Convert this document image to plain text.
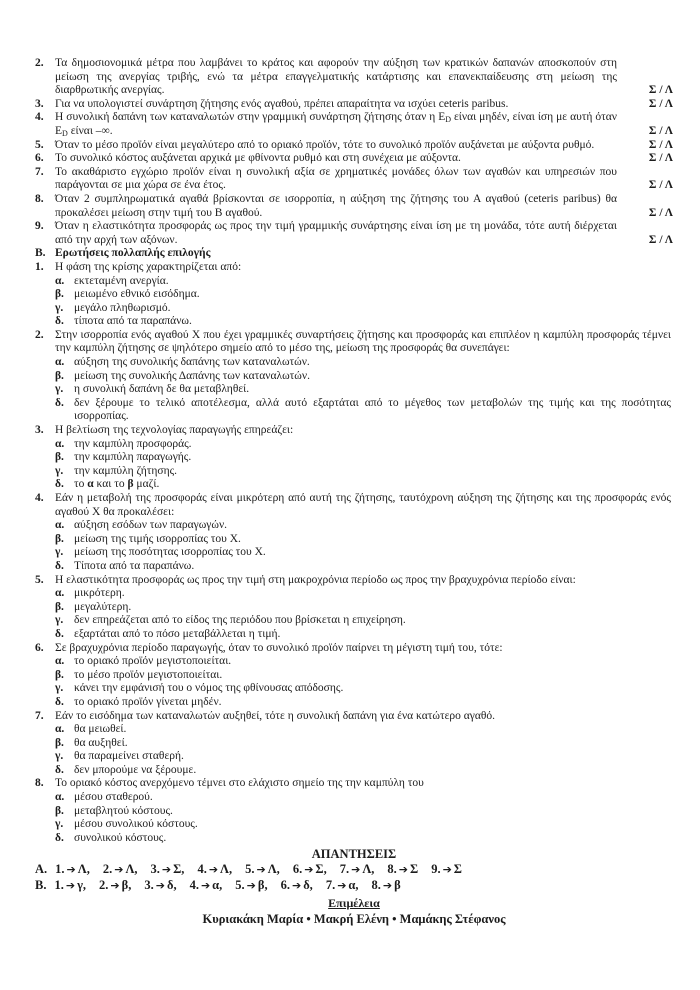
2. Τα δημοσιονομικά μέτρα που λαμβάνει το κράτος και αφορούν την αύξηση των κρατικών δαπανών αποσκοπούν στη μείωση της ανεργίας τριβής, ενώ τα μέτρα επαγγελματικής κατάρτισης και επανεκπαίδευσης στη μείωση της διαρθρωτικής ανεργίας.	Σ / Λ
3. Για να υπολογιστεί συνάρτηση ζήτησης ενός αγαθού, πρέπει απαραίτητα να ισχύει ceteris paribus.	Σ / Λ
4. Η συνολική δαπάνη των καταναλωτών στην γραμμική συνάρτηση ζήτησης όταν η $E_D$ είναι μηδέν, είναι ίση με αυτή όταν $E_D$ είναι –∞.	Σ / Λ
5. Όταν το μέσο προϊόν είναι μεγαλύτερο από το οριακό προϊόν, τότε το συνολικό προϊόν αυξάνεται με αύξοντα ρυθμό.	Σ / Λ
6. Το συνολικό κόστος αυξάνεται αρχικά με φθίνοντα ρυθμό και στη συνέχεια με αύξοντα.	Σ / Λ
7. Το ακαθάριστο εγχώριο προϊόν είναι η συνολική αξία σε χρηματικές μονάδες όλων των αγαθών και υπηρεσιών που παράγονται σε μια χώρα σε ένα έτος.	Σ / Λ
8. Όταν 2 συμπληρωματικά αγαθά βρίσκονται σε ισορροπία, η αύξηση της ζήτησης του Α αγαθού (ceteris paribus) θα προκαλέσει μείωση στην τιμή του Β αγαθού.	Σ / Λ
9. Όταν η ελαστικότητα προσφοράς ως προς την τιμή γραμμικής συνάρτησης είναι ίση με τη μονάδα, τότε αυτή διέρχεται από την αρχή των αξόνων.	Σ / Λ
Β. Ερωτήσεις πολλαπλής επιλογής
1. Η φάση της κρίσης χαρακτηρίζεται από:
α. εκτεταμένη ανεργία.
β. μειωμένο εθνικό εισόδημα.
γ. μεγάλο πληθωρισμό.
δ. τίποτα από τα παραπάνω.
2. Στην ισορροπία ενός αγαθού Χ που έχει γραμμικές συναρτήσεις ζήτησης και προσφοράς και επιπλέον η καμπύλη προσφοράς τέμνει την καμπύλη ζήτησης σε ψηλότερο σημείο από το μέσο της, μείωση της προσφοράς θα συνεπάγει:
α. αύξηση της συνολικής δαπάνης των καταναλωτών.
β. μείωση της συνολικής Δαπάνης των καταναλωτών.
γ. η συνολική δαπάνη δε θα μεταβληθεί.
δ. δεν ξέρουμε το τελικό αποτέλεσμα, αλλά αυτό εξαρτάται από το μέγεθος των μεταβολών της τιμής και της ποσότητας ισορροπίας.
3. Η βελτίωση της τεχνολογίας παραγωγής επηρεάζει:
α. την καμπύλη προσφοράς.
β. την καμπύλη παραγωγής.
γ. την καμπύλη ζήτησης.
δ. το α και το β μαζί.
4. Εάν η μεταβολή της προσφοράς είναι μικρότερη από αυτή της ζήτησης, ταυτόχρονη αύξηση της ζήτησης και της προσφοράς ενός αγαθού Χ θα προκαλέσει:
α. αύξηση εσόδων των παραγωγών.
β. μείωση της τιμής ισορροπίας του Χ.
γ. μείωση της ποσότητας ισορροπίας του Χ.
δ. Τίποτα από τα παραπάνω.
5. Η ελαστικότητα προσφοράς ως προς την τιμή στη μακροχρόνια περίοδο ως προς την βραχυχρόνια περίοδο είναι:
α. μικρότερη.
β. μεγαλύτερη.
γ. δεν επηρεάζεται από το είδος της περιόδου που βρίσκεται η επιχείρηση.
δ. εξαρτάται από το πόσο μεταβάλλεται η τιμή.
6. Σε βραχυχρόνια περίοδο παραγωγής, όταν το συνολικό προϊόν παίρνει τη μέγιστη τιμή του, τότε:
α. το οριακό προϊόν μεγιστοποιείται.
β. το μέσο προϊόν μεγιστοποιείται.
γ. κάνει την εμφάνισή του ο νόμος της φθίνουσας απόδοσης.
δ. το οριακό προϊόν γίνεται μηδέν.
7. Εάν το εισόδημα των καταναλωτών αυξηθεί, τότε η συνολική δαπάνη για ένα κατώτερο αγαθό.
α. θα μειωθεί.
β. θα αυξηθεί.
γ. θα παραμείνει σταθερή.
δ. δεν μπορούμε να ξέρουμε.
8. Το οριακό κόστος ανερχόμενο τέμνει στο ελάχιστο σημείο της την καμπύλη του
α. μέσου σταθερού.
β. μεταβλητού κόστους.
γ. μέσου συνολικού κόστους.
δ. συνολικού κόστους.
ΑΠΑΝΤΗΣΕΙΣ
Α. 1. ➔ Λ, 2. ➔ Λ, 3. ➔ Σ, 4. ➔ Λ, 5. ➔ Λ, 6. ➔ Σ, 7. ➔ Λ, 8. ➔ Σ 9. ➔ Σ
Β. 1. ➔ γ, 2. ➔ β, 3. ➔ δ, 4. ➔ α, 5. ➔ β, 6. ➔ δ, 7. ➔ α, 8. ➔ β
Επιμέλεια
Κυριακάκη Μαρία • Μακρή Ελένη • Μαμάκης Στέφανος
